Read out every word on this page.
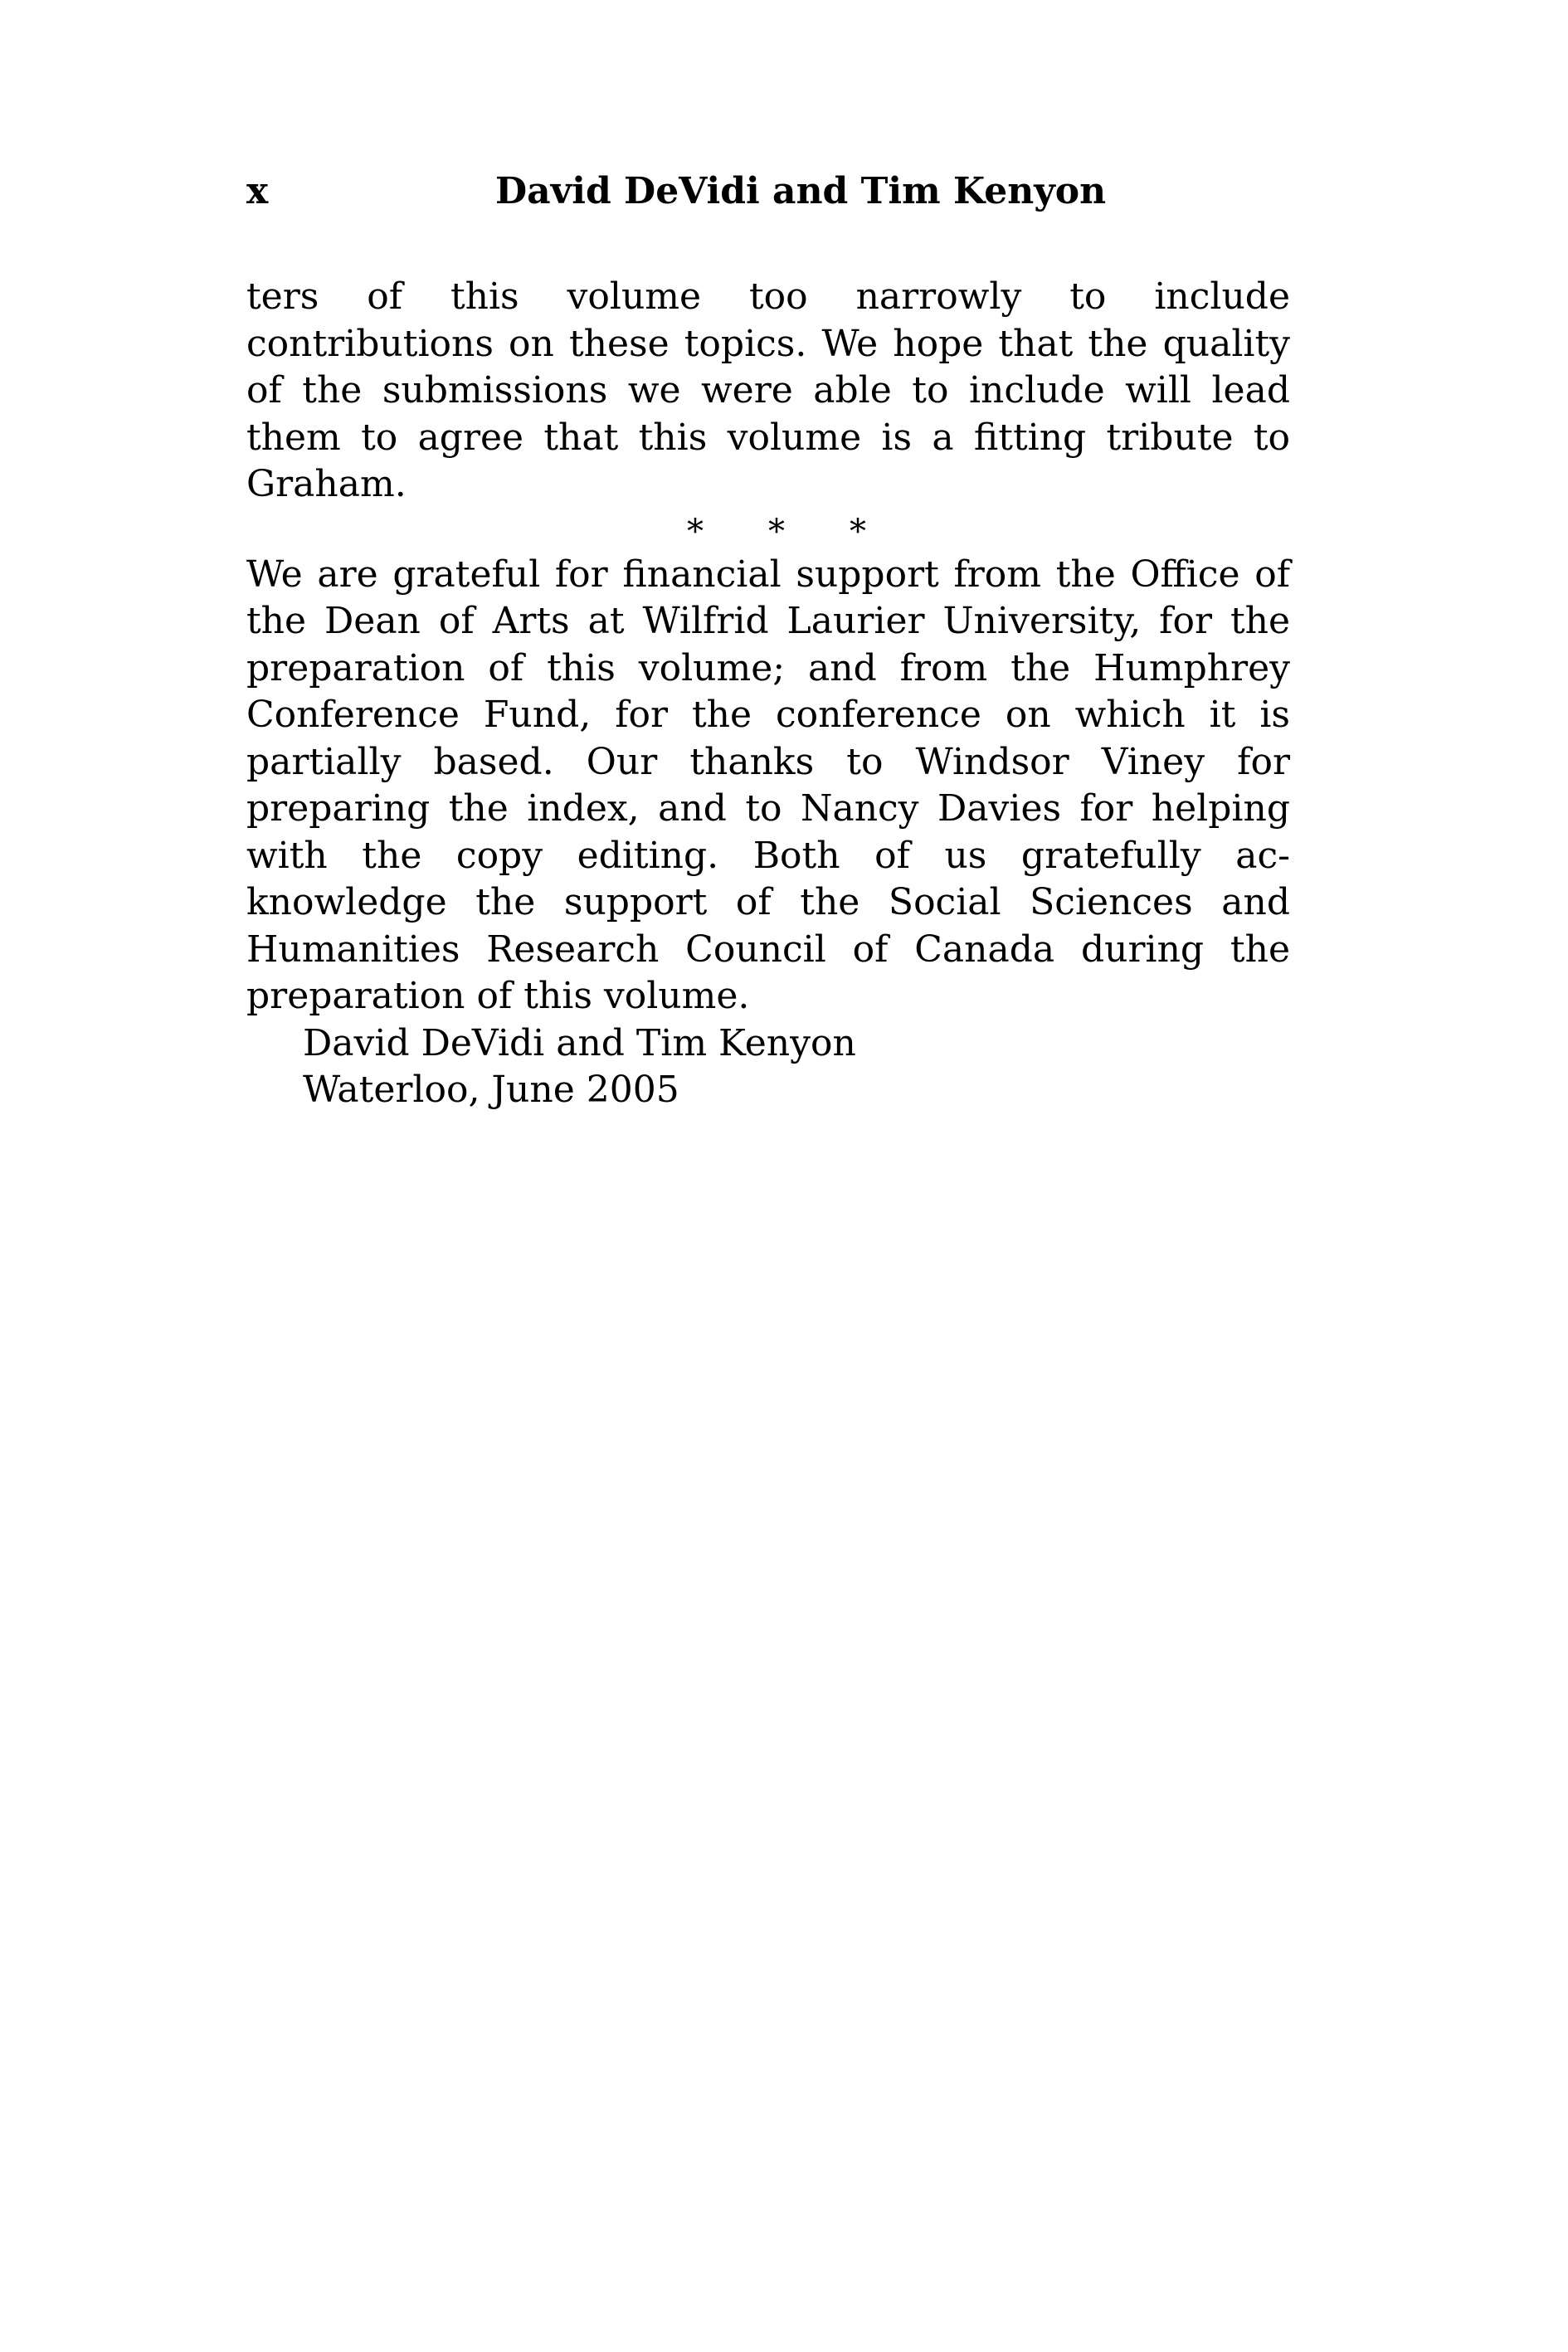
x	David DeVidi and Tim Kenyon

ters of this volume too narrowly to include contributions on these topics. We hope that the quality of the submissions we were able to include will lead them to agree that this volume is a fitting tribute to Graham.

* * *

We are grateful for financial support from the Office of the Dean of Arts at Wilfrid Laurier University, for the preparation of this volume; and from the Humphrey Conference Fund, for the conference on which it is partially based. Our thanks to Windsor Viney for preparing the index, and to Nancy Davies for helping with the copy editing. Both of us gratefully acknowledge the support of the Social Sciences and Humanities Research Council of Canada during the preparation of this volume.

David DeVidi and Tim Kenyon
Waterloo, June 2005
